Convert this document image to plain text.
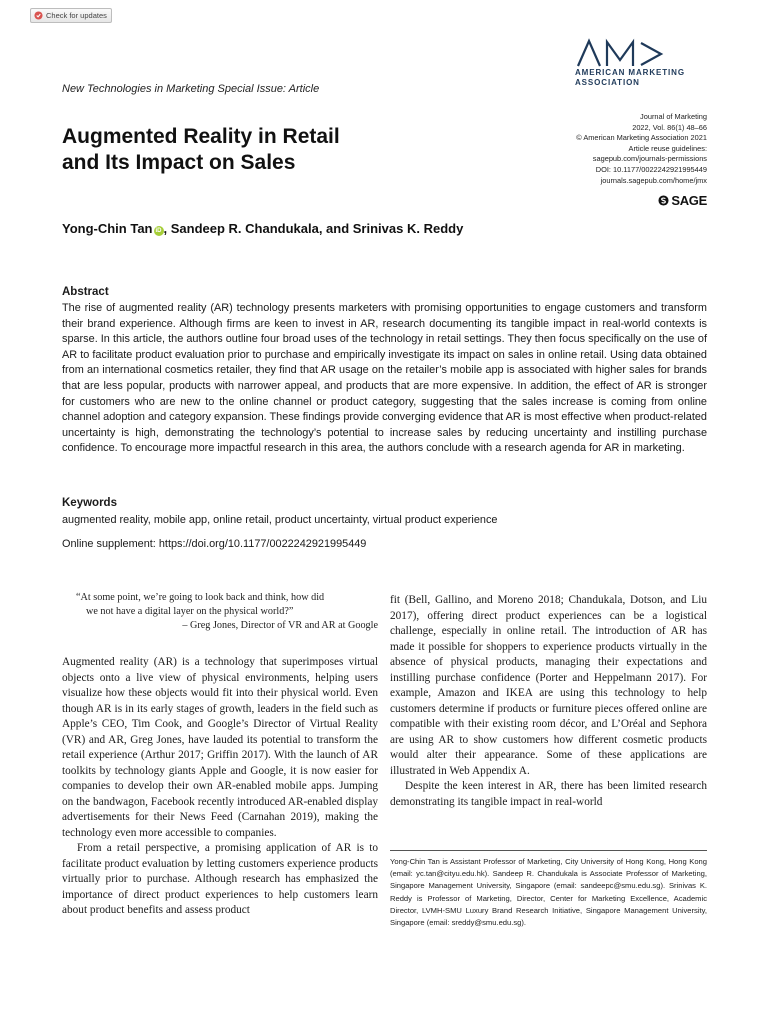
Check for updates
AMERICAN MARKETING
ASSOCIATION
New Technologies in Marketing Special Issue: Article
Augmented Reality in Retail
and Its Impact on Sales
Journal of Marketing
2022, Vol. 86(1) 48–66
© American Marketing Association 2021
Article reuse guidelines:
sagepub.com/journals-permissions
DOI: 10.1177/0022242921995449
journals.sagepub.com/home/jmx
SAGE
Yong-Chin Tan iD , Sandeep R. Chandukala, and Srinivas K. Reddy
Abstract
The rise of augmented reality (AR) technology presents marketers with promising opportunities to engage customers and transform their brand experience. Although firms are keen to invest in AR, research documenting its tangible impact in real-world contexts is sparse. In this article, the authors outline four broad uses of the technology in retail settings. They then focus specifically on the use of AR to facilitate product evaluation prior to purchase and empirically investigate its impact on sales in online retail. Using data obtained from an international cosmetics retailer, they find that AR usage on the retailer’s mobile app is associated with higher sales for brands that are less popular, products with narrower appeal, and products that are more expensive. In addition, the effect of AR is stronger for customers who are new to the online channel or product category, suggesting that the sales increase is coming from online channel adoption and category expansion. These findings provide converging evidence that AR is most effective when product-related uncertainty is high, demonstrating the technology’s potential to increase sales by reducing uncertainty and instilling purchase confidence. To encourage more impactful research in this area, the authors conclude with a research agenda for AR in marketing.
Keywords
augmented reality, mobile app, online retail, product uncertainty, virtual product experience
Online supplement: https://doi.org/10.1177/0022242921995449
“At some point, we’re going to look back and think, how did
we not have a digital layer on the physical world?”
– Greg Jones, Director of VR and AR at Google

Augmented reality (AR) is a technology that superimposes virtual objects onto a live view of physical environments, helping users visualize how these objects would fit into their physical world. Even though AR is in its early stages of growth, leaders in the field such as Apple’s CEO, Tim Cook, and Google’s Director of Virtual Reality (VR) and AR, Greg Jones, have lauded its potential to transform the retail experience (Arthur 2017; Griffin 2017). With the launch of AR toolkits by technology giants Apple and Google, it is now easier for companies to develop their own AR-enabled mobile apps. Jumping on the bandwagon, Facebook recently introduced AR-enabled display advertisements for their News Feed (Carnahan 2019), making the technology even more accessible to companies.

From a retail perspective, a promising application of AR is to facilitate product evaluation by letting customers experience products virtually prior to purchase. Although research has emphasized the importance of direct product experiences to help customers learn about product benefits and assess product

fit (Bell, Gallino, and Moreno 2018; Chandukala, Dotson, and Liu 2017), offering direct product experiences can be a logistical challenge, especially in online retail. The introduction of AR has made it possible for shoppers to experience products virtually in the absence of physical products, managing their expectations and instilling purchase confidence (Porter and Heppelmann 2017). For example, Amazon and IKEA are using this technology to help customers determine if products or furniture pieces offered online are compatible with their existing room décor, and L’Oréal and Sephora are using AR to show customers how different cosmetic products would alter their appearance. Some of these applications are illustrated in Web Appendix A.

Despite the keen interest in AR, there has been limited research demonstrating its tangible impact in real-world

Yong-Chin Tan is Assistant Professor of Marketing, City University of Hong Kong, Hong Kong (email: yc.tan@cityu.edu.hk). Sandeep R. Chandukala is Associate Professor of Marketing, Singapore Management University, Singapore (email: sandeepc@smu.edu.sg). Srinivas K. Reddy is Professor of Marketing, Director, Center for Marketing Excellence, Academic Director, LVMH-SMU Luxury Brand Research Initiative, Singapore Management University, Singapore (email: sreddy@smu.edu.sg).
